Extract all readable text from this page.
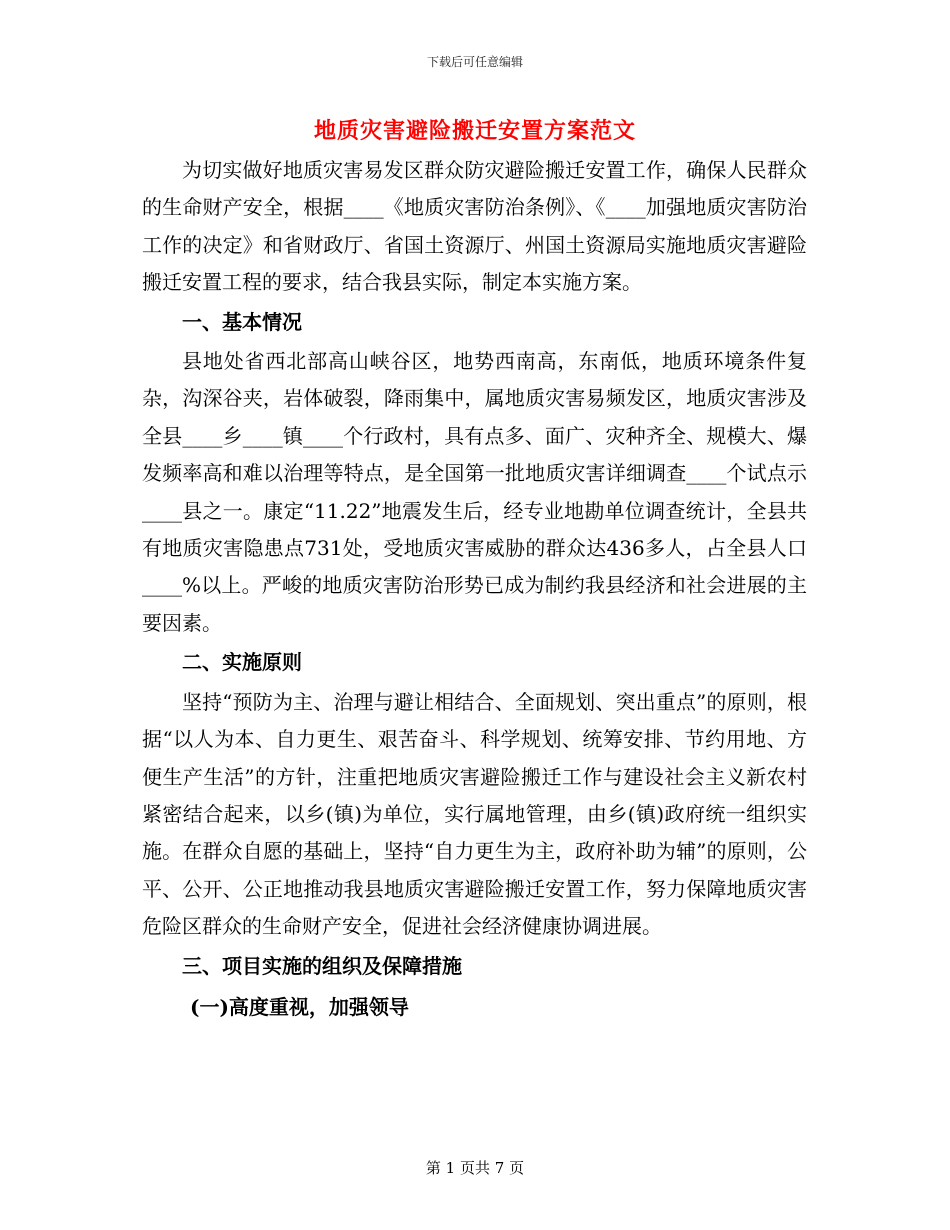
下载后可任意编辑
地质灾害避险搬迁安置方案范文

为切实做好地质灾害易发区群众防灾避险搬迁安置工作，确保人民群众的生命财产安全，根据____《地质灾害防治条例》、《____加强地质灾害防治工作的决定》和省财政厅、省国土资源厅、州国土资源局实施地质灾害避险搬迁安置工程的要求，结合我县实际，制定本实施方案。

一、基本情况

县地处省西北部高山峡谷区，地势西南高，东南低，地质环境条件复杂，沟深谷夹，岩体破裂，降雨集中，属地质灾害易频发区，地质灾害涉及全县____乡____镇____个行政村，具有点多、面广、灾种齐全、规模大、爆发频率高和难以治理等特点，是全国第一批地质灾害详细调查____个试点示____县之一。康定“11.22”地震发生后，经专业地勘单位调查统计，全县共有地质灾害隐患点731处，受地质灾害威胁的群众达436多人，占全县人口____%以上。严峻的地质灾害防治形势已成为制约我县经济和社会进展的主要因素。

二、实施原则

坚持“预防为主、治理与避让相结合、全面规划、突出重点”的原则，根据“以人为本、自力更生、艰苦奋斗、科学规划、统筹安排、节约用地、方便生产生活”的方针，注重把地质灾害避险搬迁工作与建设社会主义新农村紧密结合起来，以乡(镇)为单位，实行属地管理，由乡(镇)政府统一组织实施。在群众自愿的基础上，坚持“自力更生为主，政府补助为辅”的原则，公平、公开、公正地推动我县地质灾害避险搬迁安置工作，努力保障地质灾害危险区群众的生命财产安全，促进社会经济健康协调进展。

三、项目实施的组织及保障措施

(一)高度重视，加强领导

第 1 页共 7 页
